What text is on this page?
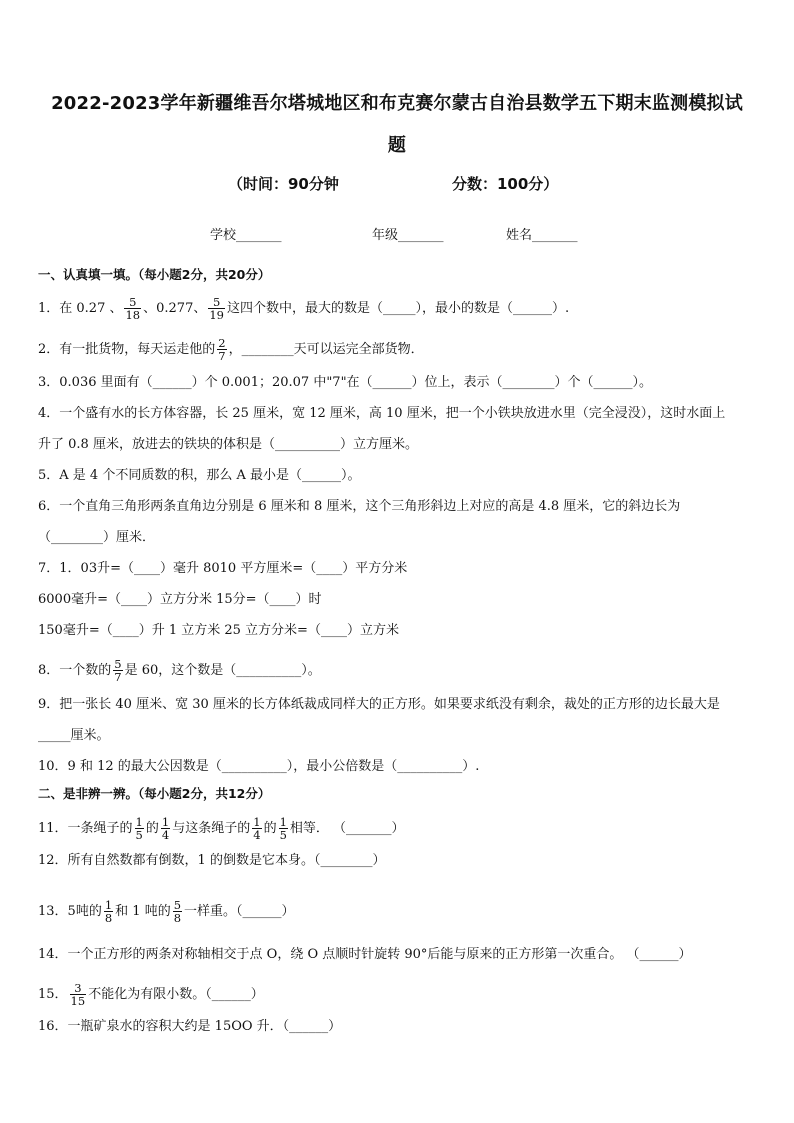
2022-2023学年新疆维吾尔塔城地区和布克赛尔蒙古自治县数学五下期末监测模拟试
题
（时间：90分钟	分数：100分）
学校_______	年级_______	姓名_______
一、认真填一填。（每小题2分，共20分）
1．在 0.27 、 $\frac{5}{18}$ 、0.277、 $\frac{5}{19}$ 这四个数中，最大的数是（_____），最小的数是（______）.
2．有一批货物，每天运走他的 $\frac{2}{7}$ ，________天可以运完全部货物．
3．0.036 里面有（______）个 0.001；20.07 中"7"在（______）位上，表示（________）个（______）。
4．一个盛有水的长方体容器，长 25 厘米，宽 12 厘米，高 10 厘米，把一个小铁块放进水里（完全浸没），这时水面上
升了 0.8 厘米，放进去的铁块的体积是（__________）立方厘米。
5．A 是 4 个不同质数的积，那么 A 最小是（______）。
6．一个直角三角形两条直角边分别是 6 厘米和 8 厘米，这个三角形斜边上对应的高是 4.8 厘米，它的斜边长为
（________）厘米．
7．1．03升=（____）毫升 8010 平方厘米=（____）平方分米
6000毫升=（____）立方分米 15分=（____）时
150毫升=（____）升 1 立方米 25 立方分米=（____）立方米
8．一个数的 $\frac{5}{7}$ 是 60，这个数是（__________）。
9．把一张长 40 厘米、宽 30 厘米的长方体纸裁成同样大的正方形。如果要求纸没有剩余，裁处的正方形的边长最大是
_____厘米。
10．9 和 12 的最大公因数是（__________），最小公倍数是（__________）.
二、是非辨一辨。（每小题2分，共12分）
11．一条绳子的 $\frac{1}{5}$ 的 $\frac{1}{4}$ 与这条绳子的 $\frac{1}{4}$ 的 $\frac{1}{5}$ 相等． （_______）
12．所有自然数都有倒数，1 的倒数是它本身。（________）
13．5吨的 $\frac{1}{8}$ 和 1 吨的 $\frac{5}{8}$ 一样重。（______）
14．一个正方形的两条对称轴相交于点 O，绕 O 点顺时针旋转 90°后能与原来的正方形第一次重合。 （______）
15． $\frac{3}{15}$ 不能化为有限小数。（______）
16．一瓶矿泉水的容积大约是 15OO 升．（______）
